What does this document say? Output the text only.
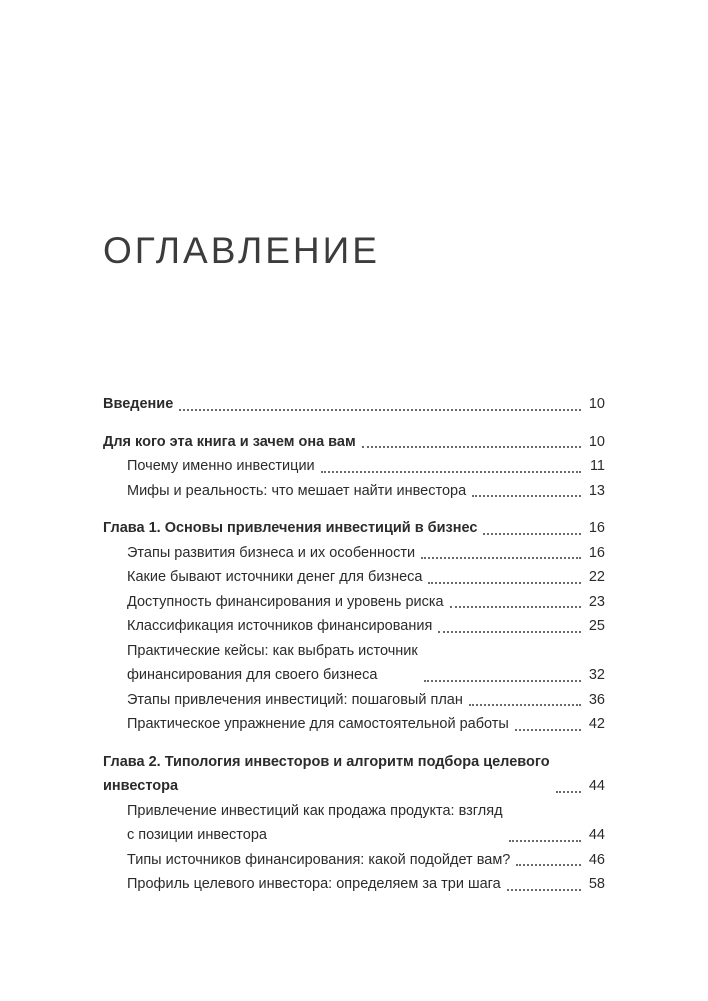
ОГЛАВЛЕНИЕ
Введение	10
Для кого эта книга и зачем она вам	10
Почему именно инвестиции	11
Мифы и реальность: что мешает найти инвестора	13
Глава 1. Основы привлечения инвестиций в бизнес	16
Этапы развития бизнеса и их особенности	16
Какие бывают источники денег для бизнеса	22
Доступность финансирования и уровень риска	23
Классификация источников финансирования	25
Практические кейсы: как выбрать источник
финансирования для своего бизнеса	32
Этапы привлечения инвестиций: пошаговый план	36
Практическое упражнение для самостоятельной работы	42
Глава 2. Типология инвесторов и алгоритм подбора целевого
инвестора	44
Привлечение инвестиций как продажа продукта: взгляд
с позиции инвестора	44
Типы источников финансирования: какой подойдет вам?	46
Профиль целевого инвестора: определяем за три шага	58
